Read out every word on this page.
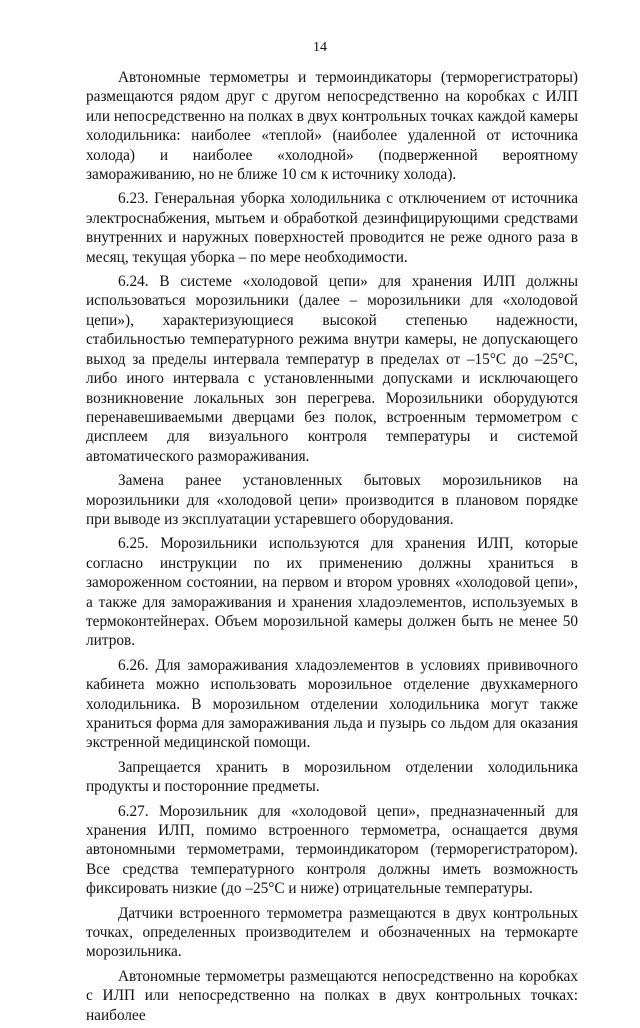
14

Автономные термометры и термоиндикаторы (терморегистраторы) размещаются рядом друг с другом непосредственно на коробках с ИЛП или непосредственно на полках в двух контрольных точках каждой камеры холодильника: наиболее «теплой» (наиболее удаленной от источника холода) и наиболее «холодной» (подверженной вероятному замораживанию, но не ближе 10 см к источнику холода).

6.23. Генеральная уборка холодильника с отключением от источника электроснабжения, мытьем и обработкой дезинфицирующими средствами внутренних и наружных поверхностей проводится не реже одного раза в месяц, текущая уборка – по мере необходимости.

6.24. В системе «холодовой цепи» для хранения ИЛП должны использоваться морозильники (далее – морозильники для «холодовой цепи»), характеризующиеся высокой степенью надежности, стабильностью температурного режима внутри камеры, не допускающего выход за пределы интервала температур в пределах от –15°С до –25°С, либо иного интервала с установленными допусками и исключающего возникновение локальных зон перегрева. Морозильники оборудуются перенавешиваемыми дверцами без полок, встроенным термометром с дисплеем для визуального контроля температуры и системой автоматического размораживания.

Замена ранее установленных бытовых морозильников на морозильники для «холодовой цепи» производится в плановом порядке при выводе из эксплуатации устаревшего оборудования.

6.25. Морозильники используются для хранения ИЛП, которые согласно инструкции по их применению должны храниться в замороженном состоянии, на первом и втором уровнях «холодовой цепи», а также для замораживания и хранения хладоэлементов, используемых в термоконтейнерах. Объем морозильной камеры должен быть не менее 50 литров.

6.26. Для замораживания хладоэлементов в условиях прививочного кабинета можно использовать морозильное отделение двухкамерного холодильника. В морозильном отделении холодильника могут также храниться форма для замораживания льда и пузырь со льдом для оказания экстренной медицинской помощи.

Запрещается хранить в морозильном отделении холодильника продукты и посторонние предметы.

6.27. Морозильник для «холодовой цепи», предназначенный для хранения ИЛП, помимо встроенного термометра, оснащается двумя автономными термометрами, термоиндикатором (терморегистратором). Все средства температурного контроля должны иметь возможность фиксировать низкие (до –25°С и ниже) отрицательные температуры.

Датчики встроенного термометра размещаются в двух контрольных точках, определенных производителем и обозначенных на термокарте морозильника.

Автономные термометры размещаются непосредственно на коробках с ИЛП или непосредственно на полках в двух контрольных точках: наиболее
